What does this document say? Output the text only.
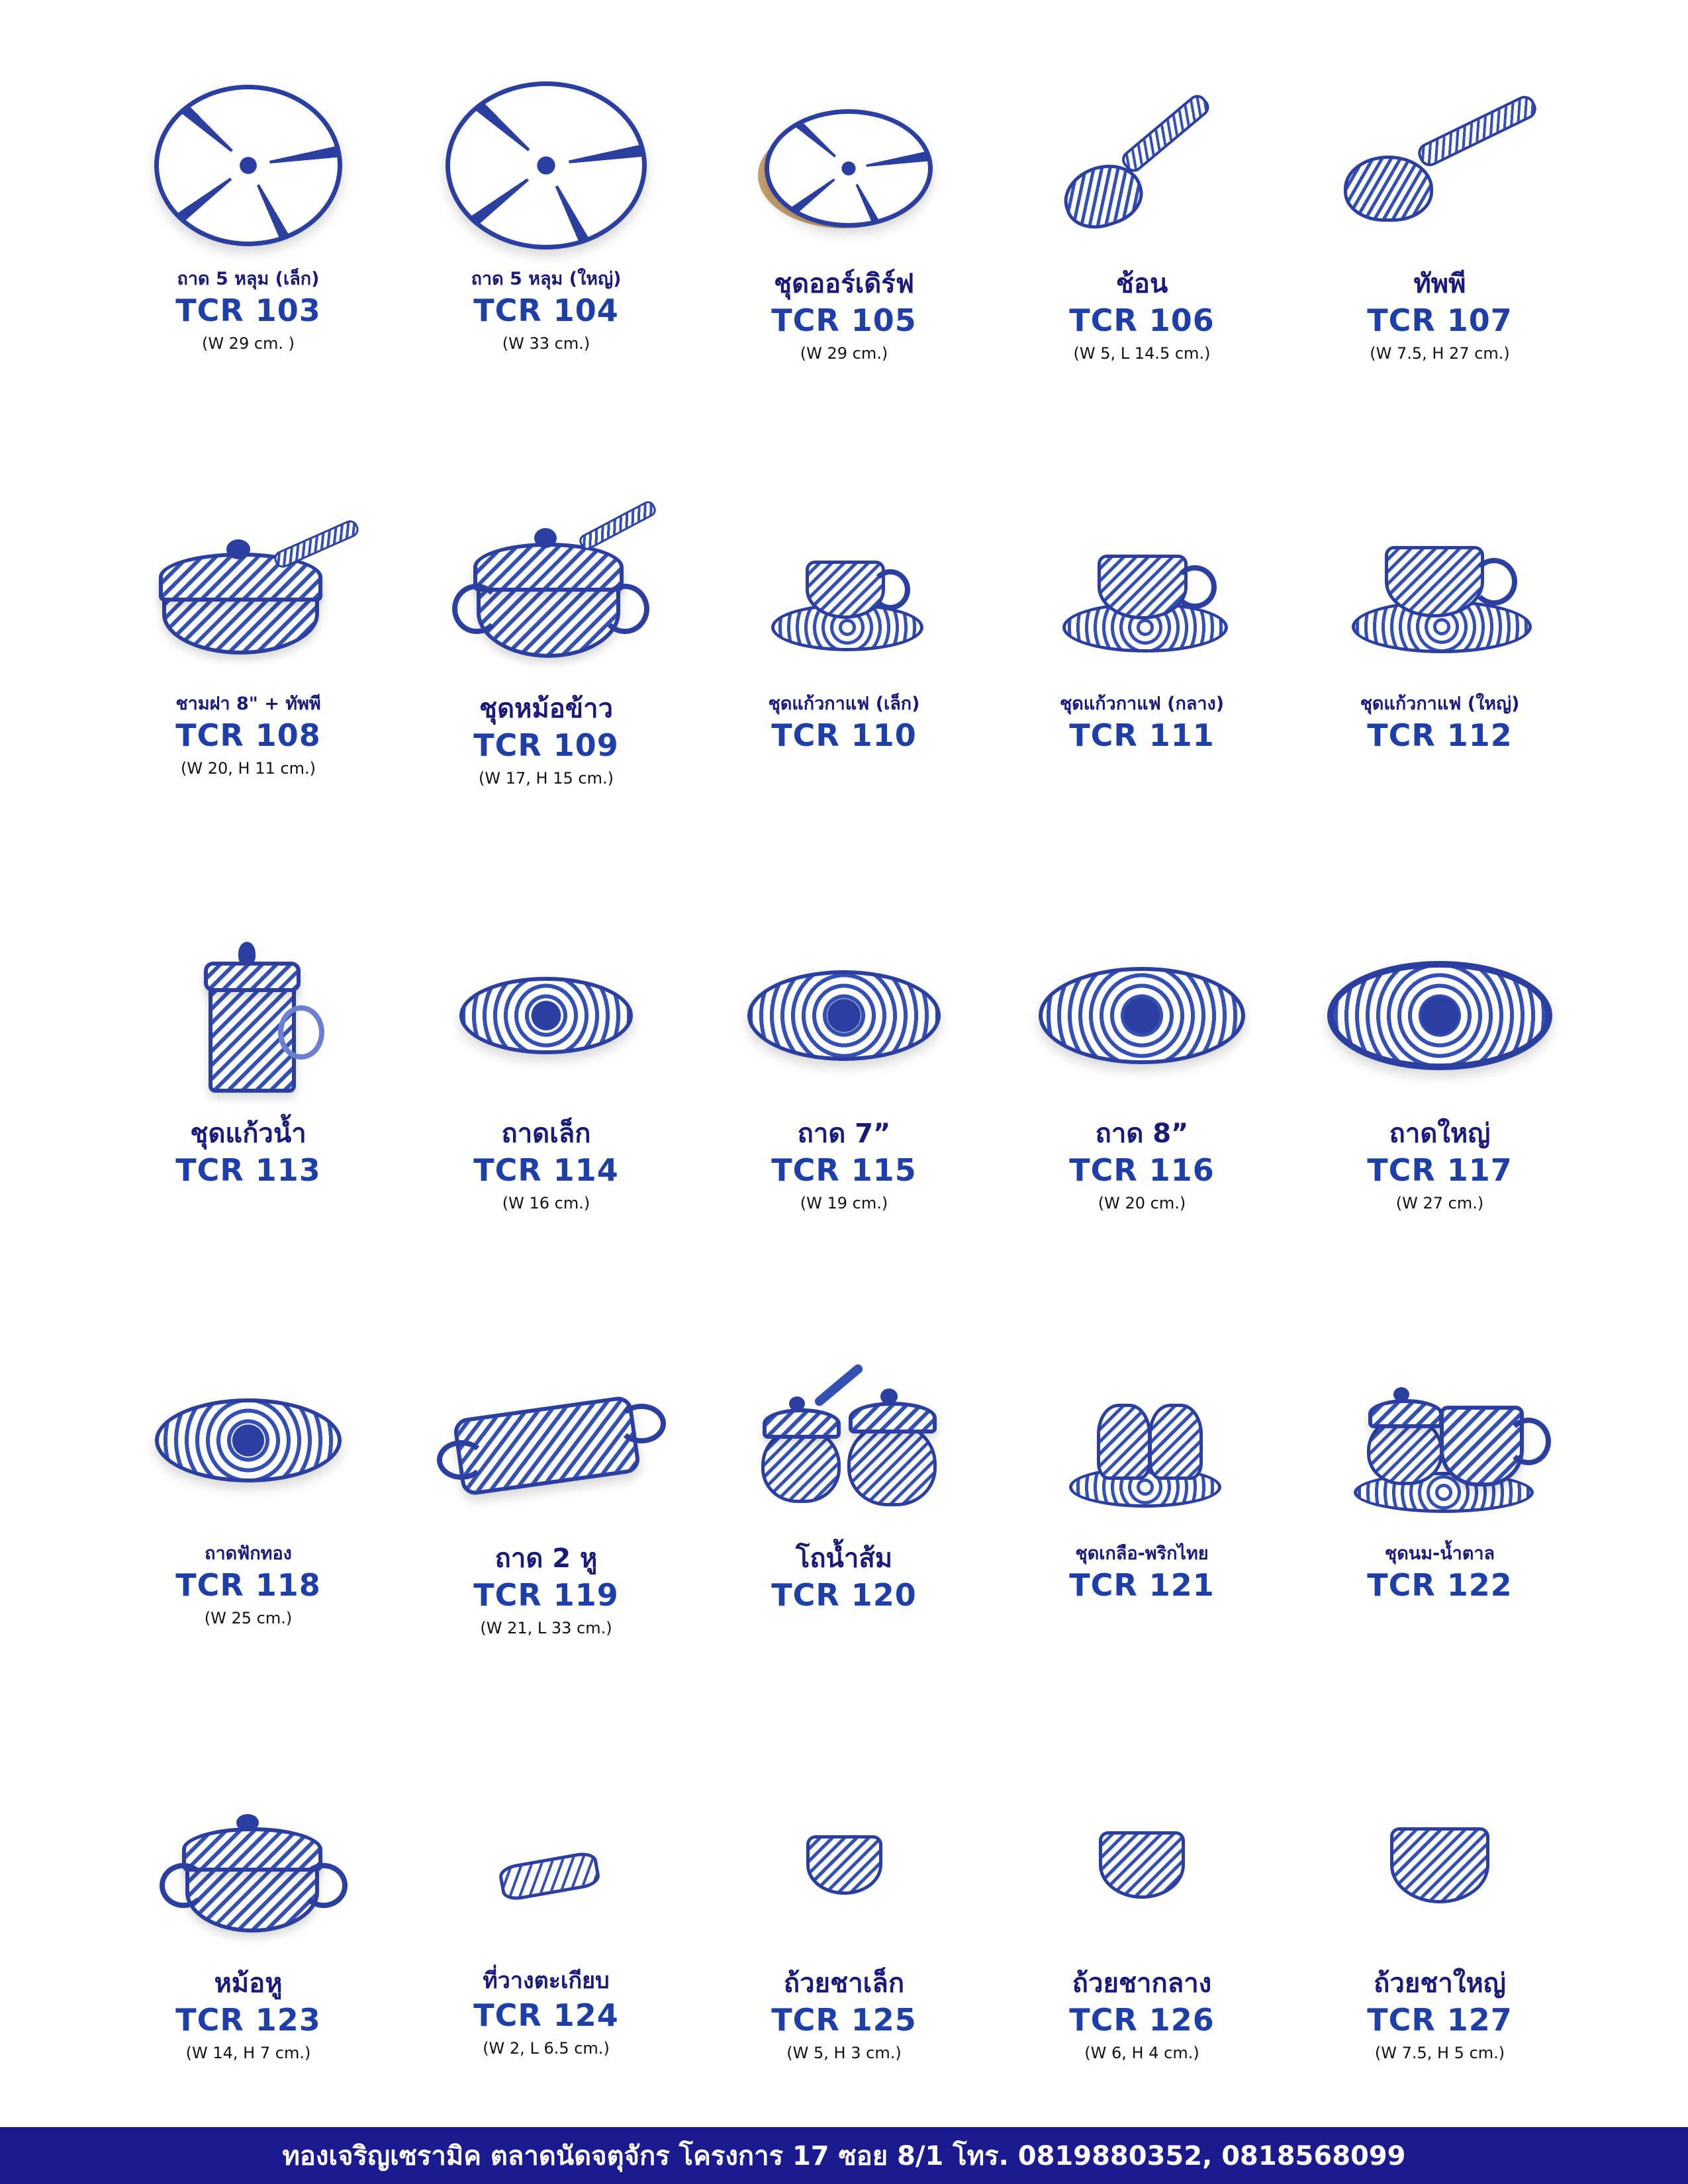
ถาด 5 หลุม (เล็ก)
TCR 103
(W 29 cm. )
ถาด 5 หลุม (ใหญ่)
TCR 104
(W 33 cm.)
ชุดออร์เดิร์ฟ
TCR 105
(W 29 cm.)
ช้อน
TCR 106
(W 5, L 14.5 cm.)
ทัพพี
TCR 107
(W 7.5, H 27 cm.)
ชามฝา 8" + ทัพพี
TCR 108
(W 20, H 11 cm.)
ชุดหม้อข้าว
TCR 109
(W 17, H 15 cm.)
ชุดแก้วกาแฟ (เล็ก)
TCR 110
ชุดแก้วกาแฟ (กลาง)
TCR 111
ชุดแก้วกาแฟ (ใหญ่)
TCR 112
ชุดแก้วน้ำ
TCR 113
ถาดเล็ก
TCR 114
(W 16 cm.)
ถาด 7”
TCR 115
(W 19 cm.)
ถาด 8”
TCR 116
(W 20 cm.)
ถาดใหญ่
TCR 117
(W 27 cm.)
ถาดฟักทอง
TCR 118
(W 25 cm.)
ถาด 2 หู
TCR 119
(W 21, L 33 cm.)
โถน้ำส้ม
TCR 120
ชุดเกลือ-พริกไทย
TCR 121
ชุดนม-น้ำตาล
TCR 122
หม้อหู
TCR 123
(W 14, H 7 cm.)
ที่วางตะเกียบ
TCR 124
(W 2, L 6.5 cm.)
ถ้วยชาเล็ก
TCR 125
(W 5, H 3 cm.)
ถ้วยชากลาง
TCR 126
(W 6, H 4 cm.)
ถ้วยชาใหญ่
TCR 127
(W 7.5, H 5 cm.)
ทองเจริญเซรามิค ตลาดนัดจตุจักร โครงการ 17 ซอย 8/1 โทร. 0819880352, 0818568099
